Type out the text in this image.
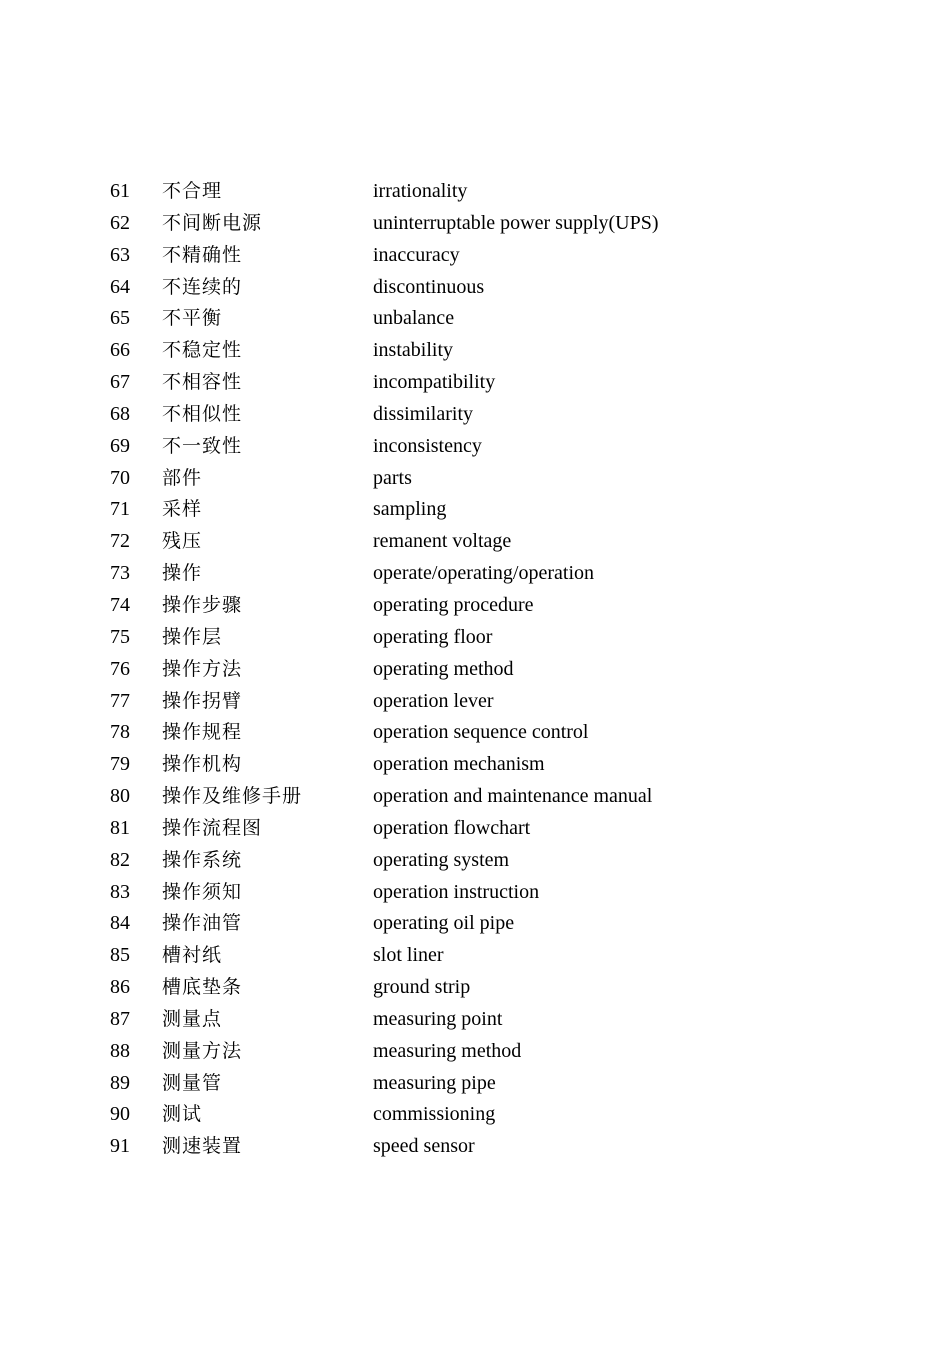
61 不合理	irrationality
62 不间断电源	uninterruptable power supply(UPS)
63 不精确性	inaccuracy
64 不连续的	discontinuous
65 不平衡	unbalance
66 不稳定性	instability
67 不相容性	incompatibility
68 不相似性	dissimilarity
69 不一致性	inconsistency
70 部件	parts
71 采样	sampling
72 残压	remanent voltage
73 操作	operate/operating/operation
74 操作步骤	operating procedure
75 操作层	operating floor
76 操作方法	operating method
77 操作拐臂	operation lever
78 操作规程	operation sequence control
79 操作机构	operation mechanism
80 操作及维修手册	operation and maintenance manual
81 操作流程图	operation flowchart
82 操作系统	operating system
83 操作须知	operation instruction
84 操作油管	operating oil pipe
85 槽衬纸	slot liner
86 槽底垫条	ground strip
87 测量点	measuring point
88 测量方法	measuring method
89 测量管	measuring pipe
90 测试	commissioning
91 测速装置	speed sensor
